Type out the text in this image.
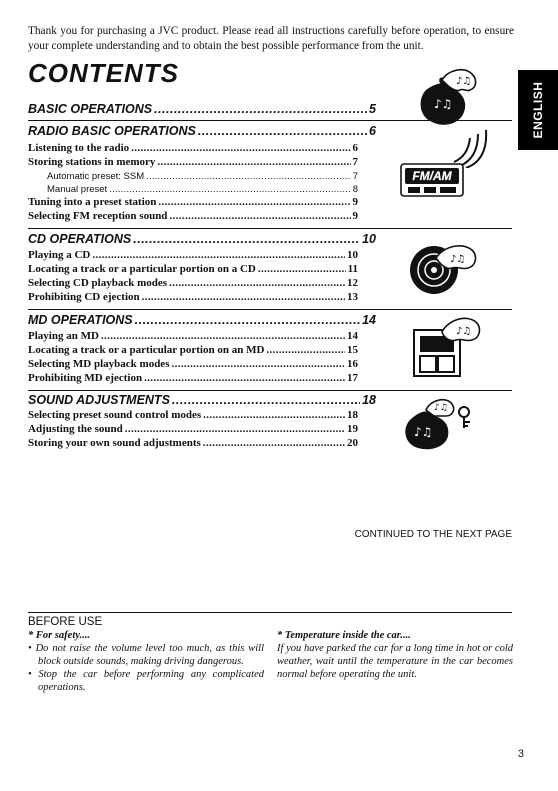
Thank you for purchasing a JVC product. Please read all instructions carefully before operation, to ensure your complete understanding and to obtain the best possible performance from the unit.
CONTENTS
ENGLISH
♪♫
♪♫
FM/AM
♪♫
♪♫
♪♫
♪♫
BASIC OPERATIONS .....	5
RADIO BASIC OPERATIONS .....	6
Listening to the radio . . .	6
Storing stations in memory . . .	7
Automatic preset: SSM . . .	7
Manual preset . . .	8
Tuning into a preset station . . .	9
Selecting FM reception sound . . .	9
CD OPERATIONS .....	10
Playing a CD . . .	10
Locating a track or a particular portion on a CD . . .	11
Selecting CD playback modes . . .	12
Prohibiting CD ejection . . .	13
MD OPERATIONS .....	14
Playing an MD . . .	14
Locating a track or a particular portion on an MD . . .	15
Selecting MD playback modes . . .	16
Prohibiting MD ejection . . .	17
SOUND ADJUSTMENTS .....	18
Selecting preset sound control modes . . .	18
Adjusting the sound . . .	19
Storing your own sound adjustments . . .	20
CONTINUED TO THE NEXT PAGE
BEFORE USE
* For safety....
• Do not raise the volume level too much, as this will block outside sounds, making driving dangerous.
• Stop the car before performing any complicated operations.
* Temperature inside the car....
If you have parked the car for a long time in hot or cold weather, wait until the temperature in the car becomes normal before operating the unit.
3
